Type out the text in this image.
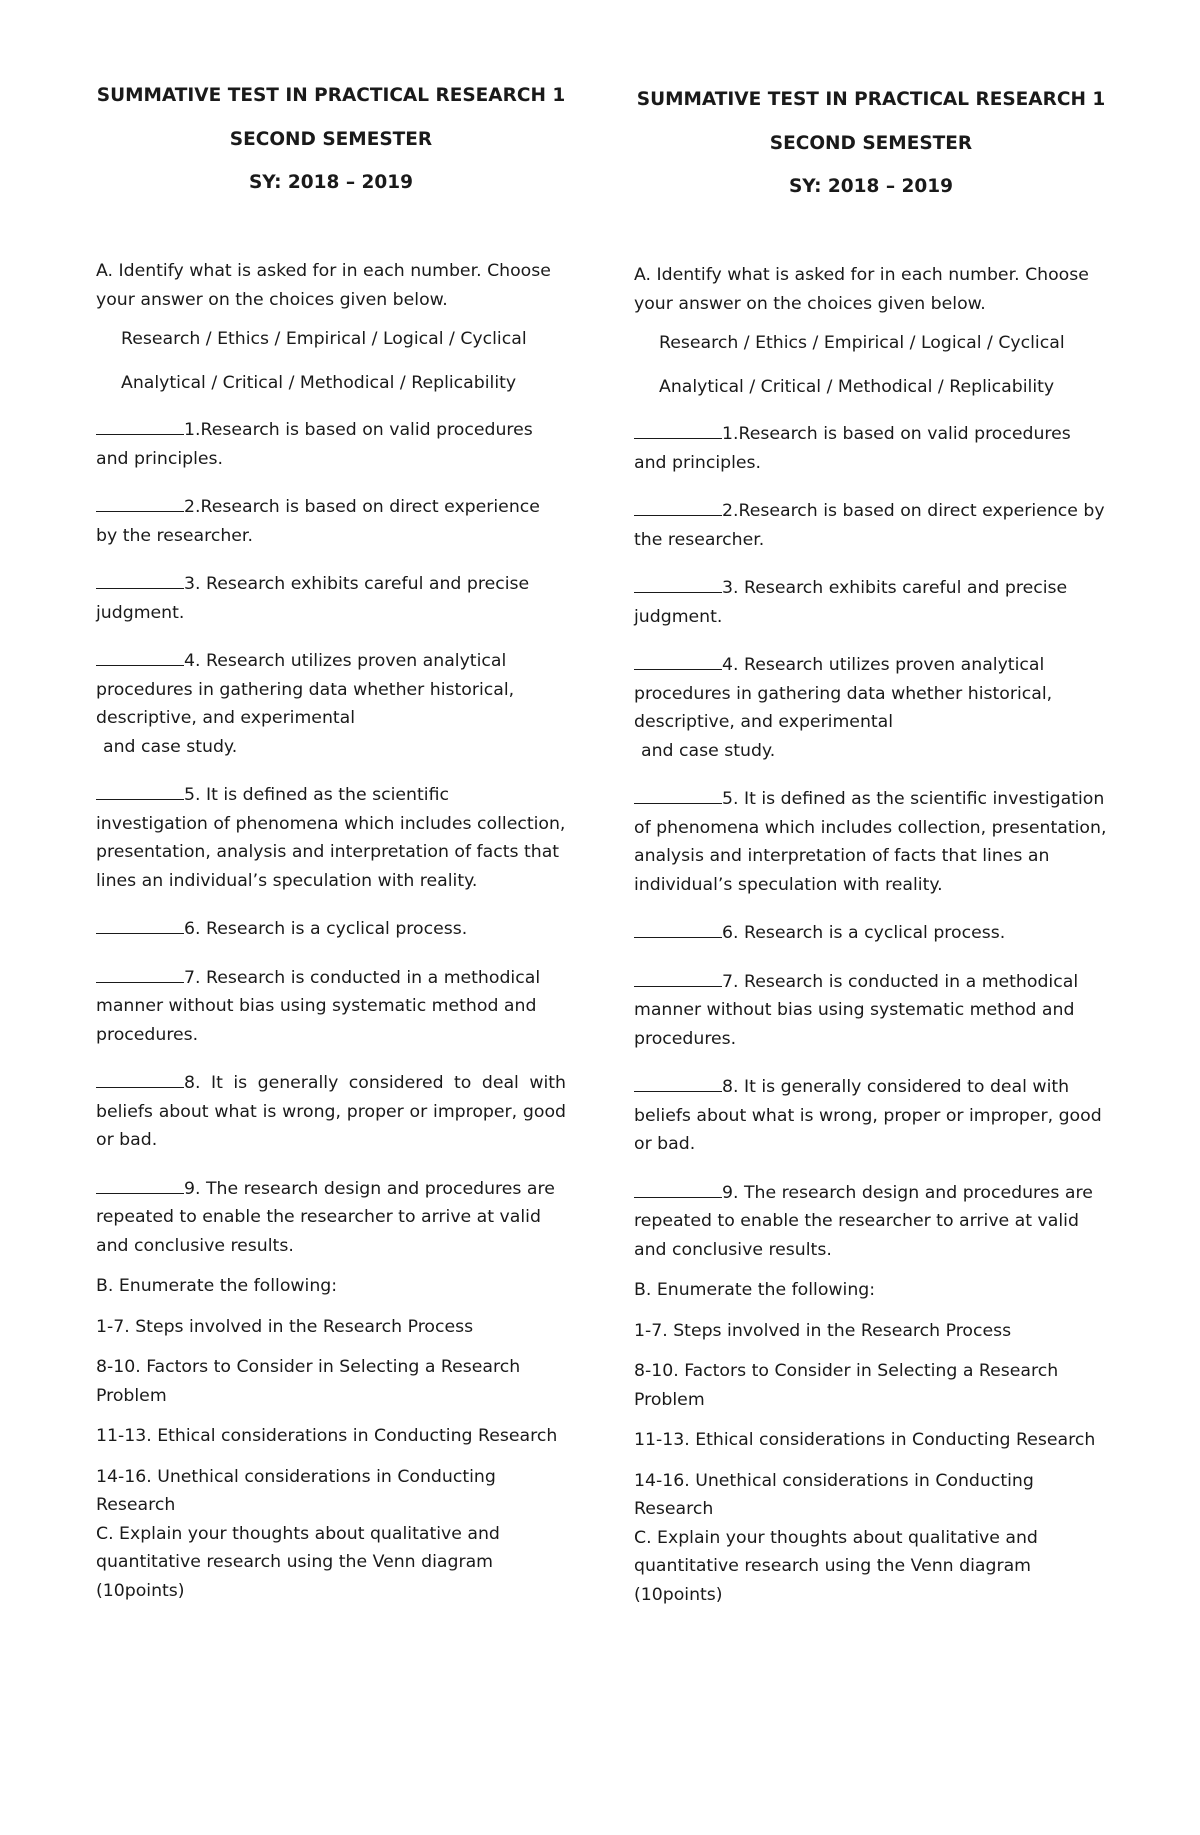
SUMMATIVE TEST IN PRACTICAL RESEARCH 1

SECOND SEMESTER

SY: 2018 – 2019

A. Identify what is asked for in each number. Choose your answer on the choices given below.

Research / Ethics / Empirical / Logical / Cyclical

Analytical / Critical / Methodical / Replicability

1.Research is based on valid procedures and principles.

2.Research is based on direct experience by the researcher.

3. Research exhibits careful and precise judgment.

4. Research utilizes proven analytical procedures in gathering data whether historical, descriptive, and experimental
and case study.

5. It is defined as the scientific investigation of phenomena which includes collection, presentation, analysis and interpretation of facts that lines an individual’s speculation with reality.

6. Research is a cyclical process.

7. Research is conducted in a methodical manner without bias using systematic method and procedures.

8. It is generally considered to deal with beliefs about what is wrong, proper or improper, good or bad.

9. The research design and procedures are repeated to enable the researcher to arrive at valid and conclusive results.

B. Enumerate the following:

1-7. Steps involved in the Research Process

8-10. Factors to Consider in Selecting a Research Problem

11-13. Ethical considerations in Conducting Research

14-16. Unethical considerations in Conducting Research

C. Explain your thoughts about qualitative and quantitative research using the Venn diagram (10points)

SUMMATIVE TEST IN PRACTICAL RESEARCH 1

SECOND SEMESTER

SY: 2018 – 2019

A. Identify what is asked for in each number. Choose your answer on the choices given below.

Research / Ethics / Empirical / Logical / Cyclical

Analytical / Critical / Methodical / Replicability

1.Research is based on valid procedures and principles.

2.Research is based on direct experience by the researcher.

3. Research exhibits careful and precise judgment.

4. Research utilizes proven analytical procedures in gathering data whether historical, descriptive, and experimental
and case study.

5. It is defined as the scientific investigation of phenomena which includes collection, presentation, analysis and interpretation of facts that lines an individual’s speculation with reality.

6. Research is a cyclical process.

7. Research is conducted in a methodical manner without bias using systematic method and procedures.

8. It is generally considered to deal with beliefs about what is wrong, proper or improper, good or bad.

9. The research design and procedures are repeated to enable the researcher to arrive at valid and conclusive results.

B. Enumerate the following:

1-7. Steps involved in the Research Process

8-10. Factors to Consider in Selecting a Research Problem

11-13. Ethical considerations in Conducting Research

14-16. Unethical considerations in Conducting Research

C. Explain your thoughts about qualitative and quantitative research using the Venn diagram (10points)
